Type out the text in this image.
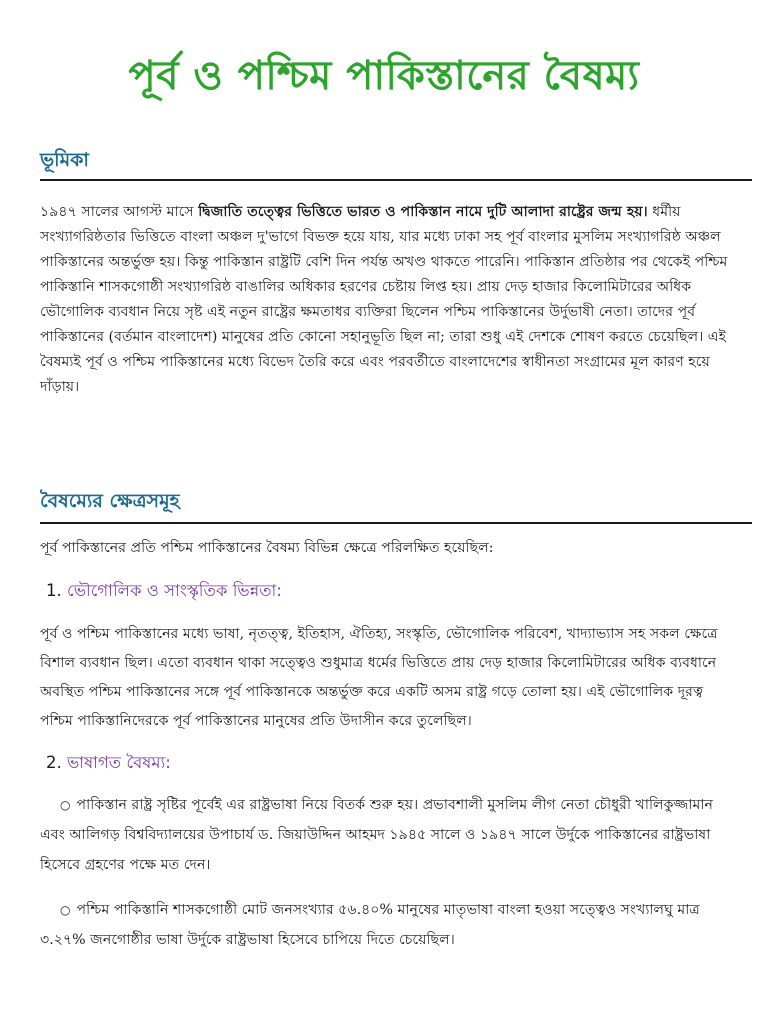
পূর্ব ও পশ্চিম পাকিস্তানের বৈষম্য
ভূমিকা

১৯৪৭ সালের আগস্ট মাসে দ্বিজাতি তত্ত্বের ভিত্তিতে ভারত ও পাকিস্তান নামে দুটি আলাদা রাষ্ট্রের জন্ম হয়। ধর্মীয় সংখ্যাগরিষ্ঠতার ভিত্তিতে বাংলা অঞ্চল দু'ভাগে বিভক্ত হয়ে যায়, যার মধ্যে ঢাকা সহ পূর্ব বাংলার মুসলিম সংখ্যাগরিষ্ঠ অঞ্চল পাকিস্তানের অন্তর্ভুক্ত হয়। কিন্তু পাকিস্তান রাষ্ট্রটি বেশি দিন পর্যন্ত অখণ্ড থাকতে পারেনি। পাকিস্তান প্রতিষ্ঠার পর থেকেই পশ্চিম পাকিস্তানি শাসকগোষ্ঠী সংখ্যাগরিষ্ঠ বাঙালির অধিকার হরণের চেষ্টায় লিপ্ত হয়। প্রায় দেড় হাজার কিলোমিটারের অধিক ভৌগোলিক ব্যবধান নিয়ে সৃষ্ট এই নতুন রাষ্ট্রের ক্ষমতাধর ব্যক্তিরা ছিলেন পশ্চিম পাকিস্তানের উর্দুভাষী নেতা। তাদের পূর্ব পাকিস্তানের (বর্তমান বাংলাদেশ) মানুষের প্রতি কোনো সহানুভূতি ছিল না; তারা শুধু এই দেশকে শোষণ করতে চেয়েছিল। এই বৈষম্যই পূর্ব ও পশ্চিম পাকিস্তানের মধ্যে বিভেদ তৈরি করে এবং পরবর্তীতে বাংলাদেশের স্বাধীনতা সংগ্রামের মূল কারণ হয়ে দাঁড়ায়।

বৈষম্যের ক্ষেত্রসমূহ

পূর্ব পাকিস্তানের প্রতি পশ্চিম পাকিস্তানের বৈষম্য বিভিন্ন ক্ষেত্রে পরিলক্ষিত হয়েছিল:

1. ভৌগোলিক ও সাংস্কৃতিক ভিন্নতা:

পূর্ব ও পশ্চিম পাকিস্তানের মধ্যে ভাষা, নৃতত্ত্ব, ইতিহাস, ঐতিহ্য, সংস্কৃতি, ভৌগোলিক পরিবেশ, খাদ্যাভ্যাস সহ সকল ক্ষেত্রে বিশাল ব্যবধান ছিল। এতো ব্যবধান থাকা সত্ত্বেও শুধুমাত্র ধর্মের ভিত্তিতে প্রায় দেড় হাজার কিলোমিটারের অধিক ব্যবধানে অবস্থিত পশ্চিম পাকিস্তানের সঙ্গে পূর্ব পাকিস্তানকে অন্তর্ভুক্ত করে একটি অসম রাষ্ট্র গড়ে তোলা হয়। এই ভৌগোলিক দূরত্ব পশ্চিম পাকিস্তানিদেরকে পূর্ব পাকিস্তানের মানুষের প্রতি উদাসীন করে তুলেছিল।

2. ভাষাগত বৈষম্য:

○ পাকিস্তান রাষ্ট্র সৃষ্টির পূর্বেই এর রাষ্ট্রভাষা নিয়ে বিতর্ক শুরু হয়। প্রভাবশালী মুসলিম লীগ নেতা চৌধুরী খালিকুজ্জামান এবং আলিগড় বিশ্ববিদ্যালয়ের উপাচার্য ড. জিয়াউদ্দিন আহমদ ১৯৪৫ সালে ও ১৯৪৭ সালে উর্দুকে পাকিস্তানের রাষ্ট্রভাষা হিসেবে গ্রহণের পক্ষে মত দেন।

○ পশ্চিম পাকিস্তানি শাসকগোষ্ঠী মোট জনসংখ্যার ৫৬.৪০% মানুষের মাতৃভাষা বাংলা হওয়া সত্ত্বেও সংখ্যালঘু মাত্র ৩.২৭% জনগোষ্ঠীর ভাষা উর্দুকে রাষ্ট্রভাষা হিসেবে চাপিয়ে দিতে চেয়েছিল।
